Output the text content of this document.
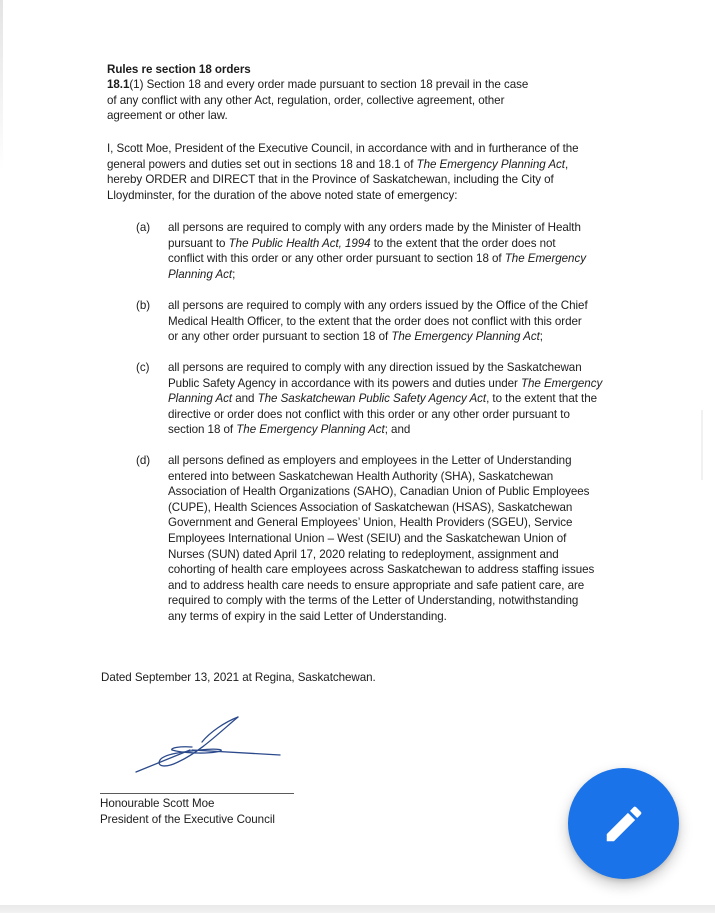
Rules re section 18 orders
18.1(1) Section 18 and every order made pursuant to section 18 prevail in the case
of any conflict with any other Act, regulation, order, collective agreement, other
agreement or other law.
I, Scott Moe, President of the Executive Council, in accordance with and in furtherance of the
general powers and duties set out in sections 18 and 18.1 of The Emergency Planning Act,
hereby ORDER and DIRECT that in the Province of Saskatchewan, including the City of
Lloydminster, for the duration of the above noted state of emergency:
(a) all persons are required to comply with any orders made by the Minister of Health
pursuant to The Public Health Act, 1994 to the extent that the order does not
conflict with this order or any other order pursuant to section 18 of The Emergency
Planning Act;
(b) all persons are required to comply with any orders issued by the Office of the Chief
Medical Health Officer, to the extent that the order does not conflict with this order
or any other order pursuant to section 18 of The Emergency Planning Act;
(c) all persons are required to comply with any direction issued by the Saskatchewan
Public Safety Agency in accordance with its powers and duties under The Emergency
Planning Act and The Saskatchewan Public Safety Agency Act, to the extent that the
directive or order does not conflict with this order or any other order pursuant to
section 18 of The Emergency Planning Act; and
(d) all persons defined as employers and employees in the Letter of Understanding
entered into between Saskatchewan Health Authority (SHA), Saskatchewan
Association of Health Organizations (SAHO), Canadian Union of Public Employees
(CUPE), Health Sciences Association of Saskatchewan (HSAS), Saskatchewan
Government and General Employees’ Union, Health Providers (SGEU), Service
Employees International Union – West (SEIU) and the Saskatchewan Union of
Nurses (SUN) dated April 17, 2020 relating to redeployment, assignment and
cohorting of health care employees across Saskatchewan to address staffing issues
and to address health care needs to ensure appropriate and safe patient care, are
required to comply with the terms of the Letter of Understanding, notwithstanding
any terms of expiry in the said Letter of Understanding.
Dated September 13, 2021 at Regina, Saskatchewan.
Honourable Scott Moe
President of the Executive Council
